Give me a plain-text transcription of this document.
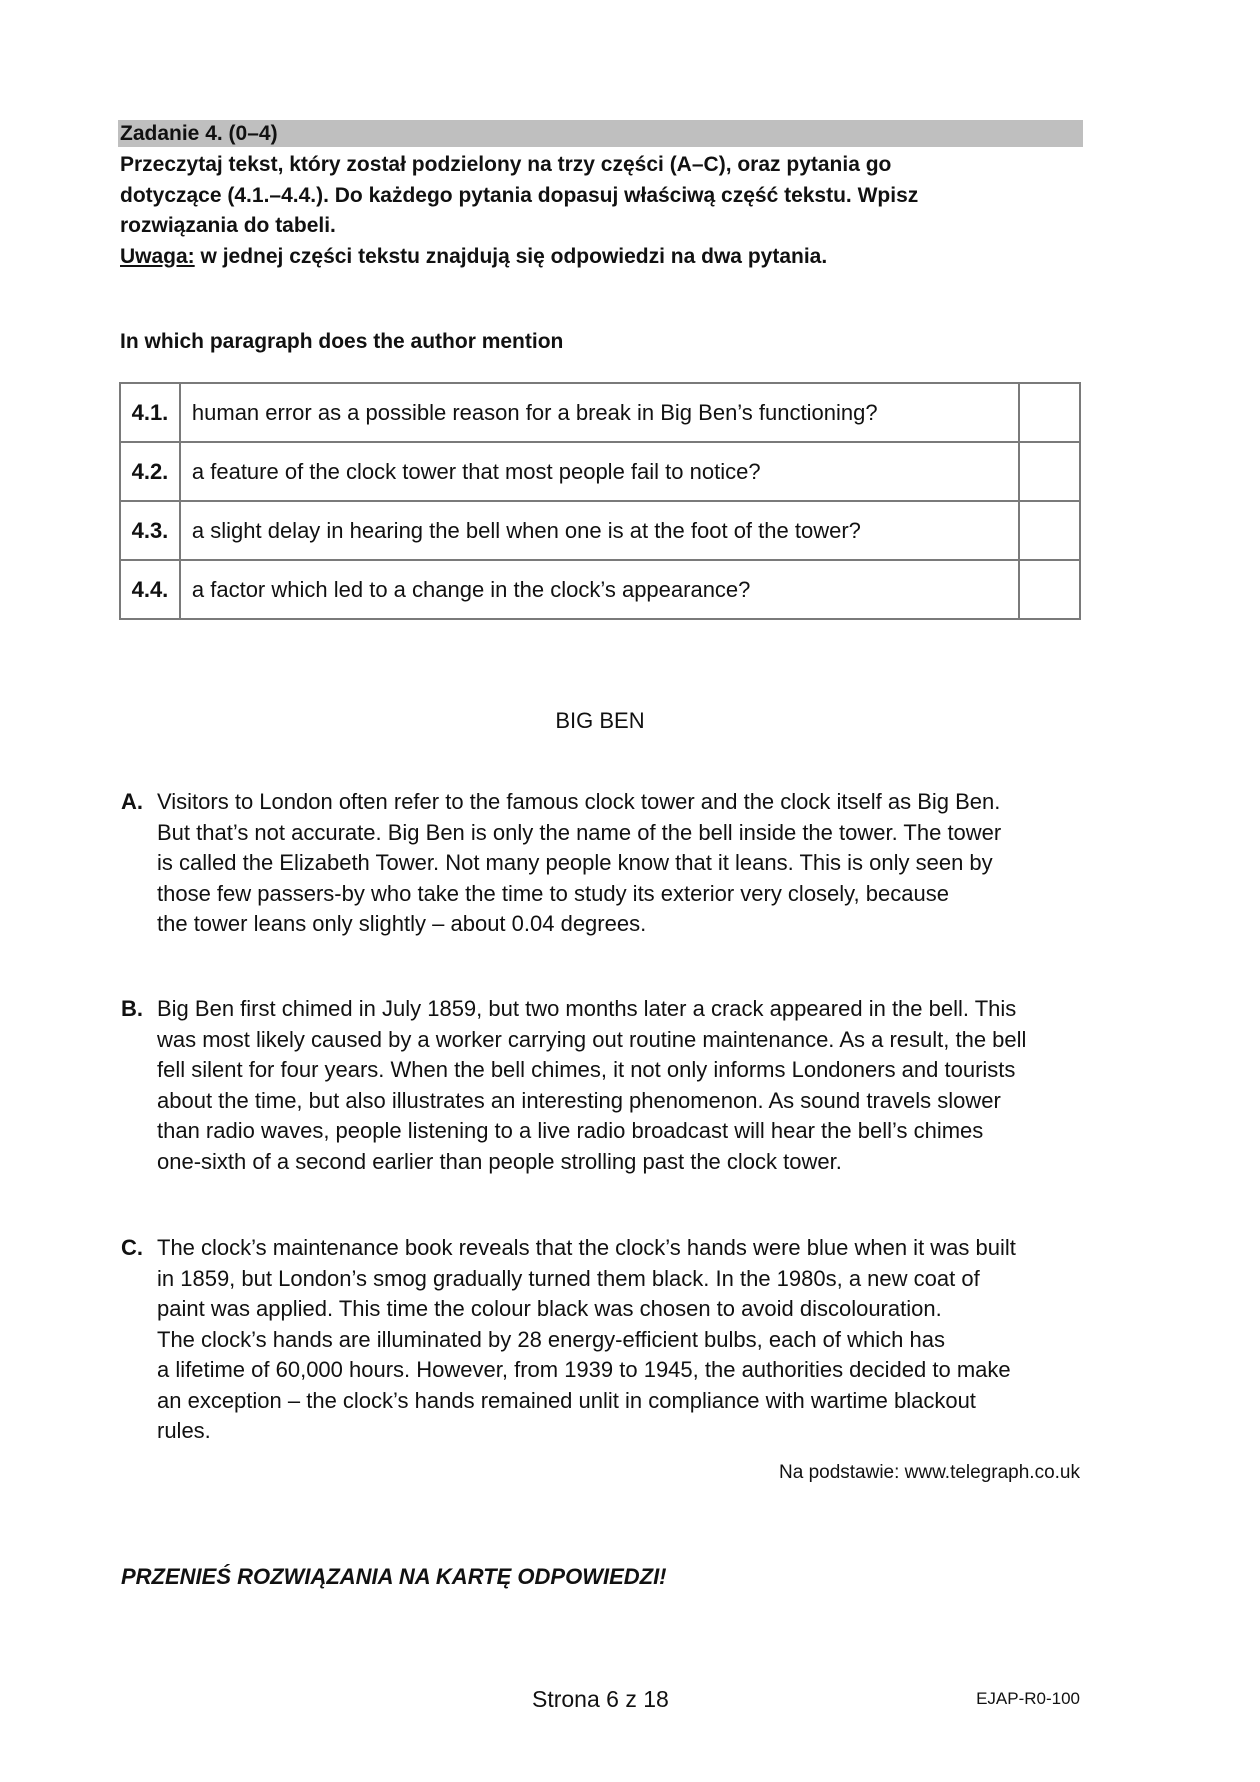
Zadanie 4. (0–4)
Przeczytaj tekst, który został podzielony na trzy części (A–C), oraz pytania go
dotyczące (4.1.–4.4.). Do każdego pytania dopasuj właściwą część tekstu. Wpisz
rozwiązania do tabeli.
Uwaga: w jednej części tekstu znajdują się odpowiedzi na dwa pytania.
In which paragraph does the author mention
4.1.	human error as a possible reason for a break in Big Ben’s functioning?	
4.2.	a feature of the clock tower that most people fail to notice?	
4.3.	a slight delay in hearing the bell when one is at the foot of the tower?	
4.4.	a factor which led to a change in the clock’s appearance?	
BIG BEN
A. Visitors to London often refer to the famous clock tower and the clock itself as Big Ben.
But that’s not accurate. Big Ben is only the name of the bell inside the tower. The tower
is called the Elizabeth Tower. Not many people know that it leans. This is only seen by
those few passers-by who take the time to study its exterior very closely, because
the tower leans only slightly – about 0.04 degrees.
B. Big Ben first chimed in July 1859, but two months later a crack appeared in the bell. This
was most likely caused by a worker carrying out routine maintenance. As a result, the bell
fell silent for four years. When the bell chimes, it not only informs Londoners and tourists
about the time, but also illustrates an interesting phenomenon. As sound travels slower
than radio waves, people listening to a live radio broadcast will hear the bell’s chimes
one-sixth of a second earlier than people strolling past the clock tower.
C. The clock’s maintenance book reveals that the clock’s hands were blue when it was built
in 1859, but London’s smog gradually turned them black. In the 1980s, a new coat of
paint was applied. This time the colour black was chosen to avoid discolouration.
The clock’s hands are illuminated by 28 energy-efficient bulbs, each of which has
a lifetime of 60,000 hours. However, from 1939 to 1945, the authorities decided to make
an exception – the clock’s hands remained unlit in compliance with wartime blackout
rules.
Na podstawie: www.telegraph.co.uk
PRZENIEŚ ROZWIĄZANIA NA KARTĘ ODPOWIEDZI!
Strona 6 z 18	EJAP-R0-100
